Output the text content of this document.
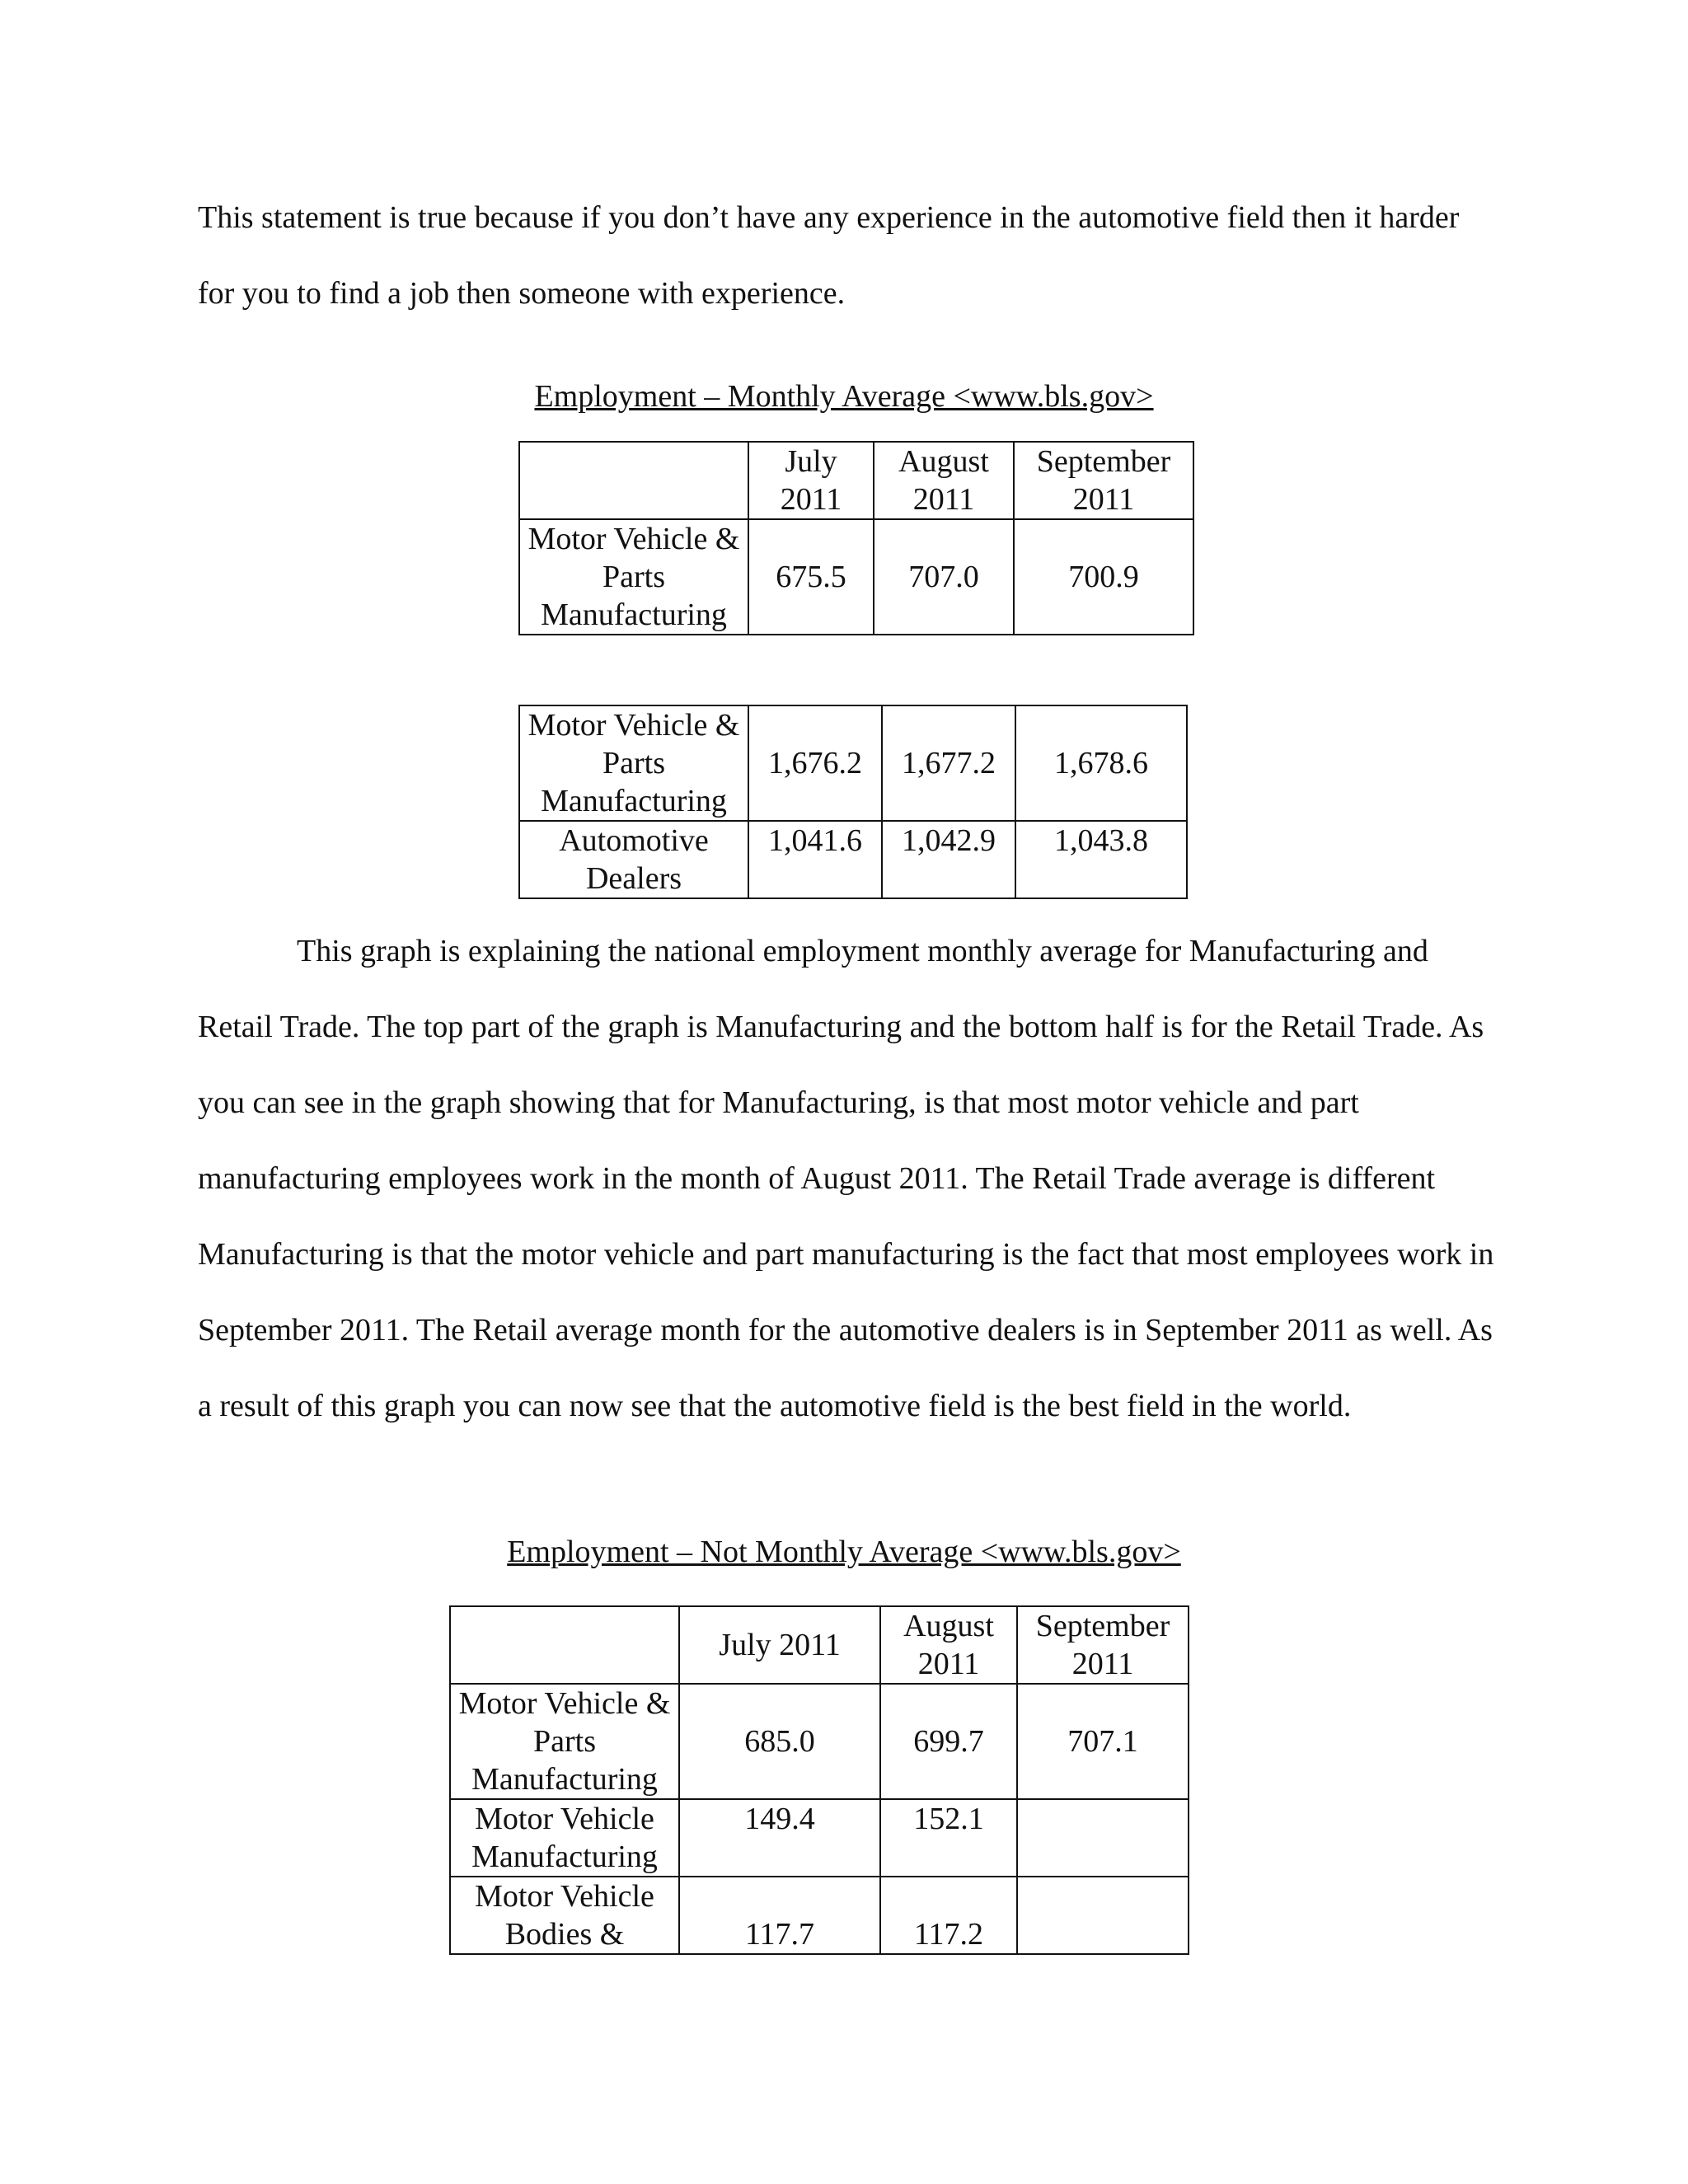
This statement is true because if you don’t have any experience in the automotive field then it harder for you to find a job then someone with experience.

Employment – Monthly Average <www.bls.gov>

	July 2011	August 2011	September 2011
Motor Vehicle & Parts Manufacturing	675.5	707.0	700.9
Motor Vehicle & Parts Manufacturing	1,676.2	1,677.2	1,678.6
Automotive Dealers	1,041.6	1,042.9	1,043.8

This graph is explaining the national employment monthly average for Manufacturing and Retail Trade. The top part of the graph is Manufacturing and the bottom half is for the Retail Trade. As you can see in the graph showing that for Manufacturing, is that most motor vehicle and part manufacturing employees work in the month of August 2011. The Retail Trade average is different Manufacturing is that the motor vehicle and part manufacturing is the fact that most employees work in September 2011. The Retail average month for the automotive dealers is in September 2011 as well. As a result of this graph you can now see that the automotive field is the best field in the world.

Employment – Not Monthly Average <www.bls.gov>

	July 2011	August 2011	September 2011
Motor Vehicle & Parts Manufacturing	685.0	699.7	707.1
Motor Vehicle Manufacturing	149.4	152.1	
Motor Vehicle Bodies &	117.7	117.2	
